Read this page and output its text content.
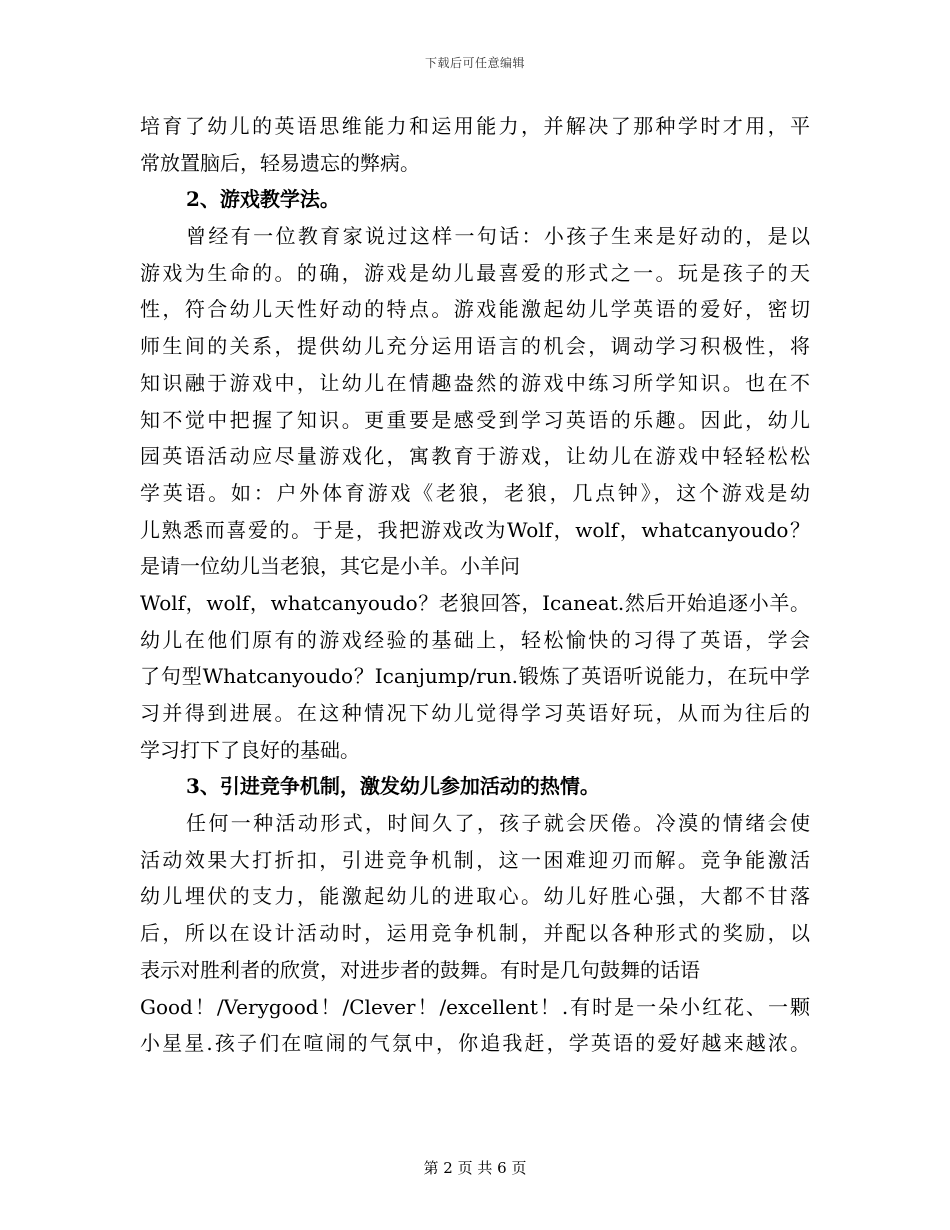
下载后可任意编辑
培育了幼儿的英语思维能力和运用能力，并解决了那种学时才用，平
常放置脑后，轻易遗忘的弊病。
2、游戏教学法。
曾经有一位教育家说过这样一句话：小孩子生来是好动的，是以
游戏为生命的。的确，游戏是幼儿最喜爱的形式之一。玩是孩子的天
性，符合幼儿天性好动的特点。游戏能激起幼儿学英语的爱好，密切
师生间的关系，提供幼儿充分运用语言的机会，调动学习积极性，将
知识融于游戏中，让幼儿在情趣盎然的游戏中练习所学知识。也在不
知不觉中把握了知识。更重要是感受到学习英语的乐趣。因此，幼儿
园英语活动应尽量游戏化，寓教育于游戏，让幼儿在游戏中轻轻松松
学英语。如：户外体育游戏《老狼，老狼，几点钟》，这个游戏是幼
儿熟悉而喜爱的。于是，我把游戏改为Wolf，wolf，whatcanyoudo？
是请一位幼儿当老狼，其它是小羊。小羊问
Wolf，wolf，whatcanyoudo？老狼回答，Icaneat.然后开始追逐小羊。
幼儿在他们原有的游戏经验的基础上，轻松愉快的习得了英语，学会
了句型Whatcanyoudo？Icanjump/run.锻炼了英语听说能力，在玩中学
习并得到进展。在这种情况下幼儿觉得学习英语好玩，从而为往后的
学习打下了良好的基础。
3、引进竞争机制，激发幼儿参加活动的热情。
任何一种活动形式，时间久了，孩子就会厌倦。冷漠的情绪会使
活动效果大打折扣，引进竞争机制，这一困难迎刃而解。竞争能激活
幼儿埋伏的支力，能激起幼儿的进取心。幼儿好胜心强，大都不甘落
后，所以在设计活动时，运用竞争机制，并配以各种形式的奖励，以
表示对胜利者的欣赏，对进步者的鼓舞。有时是几句鼓舞的话语
Good！/Verygood！/Clever！/excellent！.有时是一朵小红花、一颗
小星星.孩子们在喧闹的气氛中，你追我赶，学英语的爱好越来越浓。
第 2 页 共 6 页
